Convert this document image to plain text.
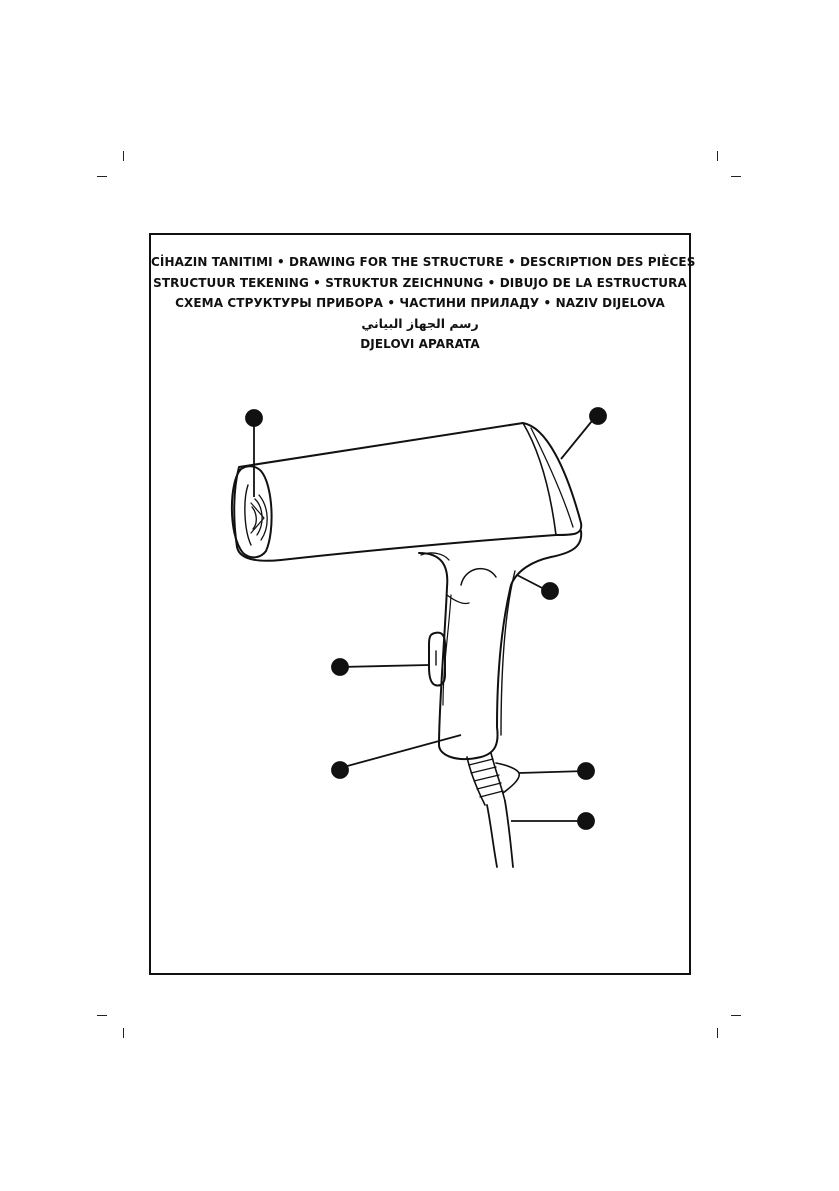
CİHAZIN TANITIMI • DRAWING FOR THE STRUCTURE • DESCRIPTION DES PIÈCES
STRUCTUUR TEKENING • STRUKTUR ZEICHNUNG • DIBUJO DE LA ESTRUCTURA
СХЕМА СТРУКТУРЫ ПРИБОРА • ЧАСТИНИ ПРИЛАДУ • NAZIV DIJELOVA
رسم الجهاز البياني
DJELOVI APARATA
